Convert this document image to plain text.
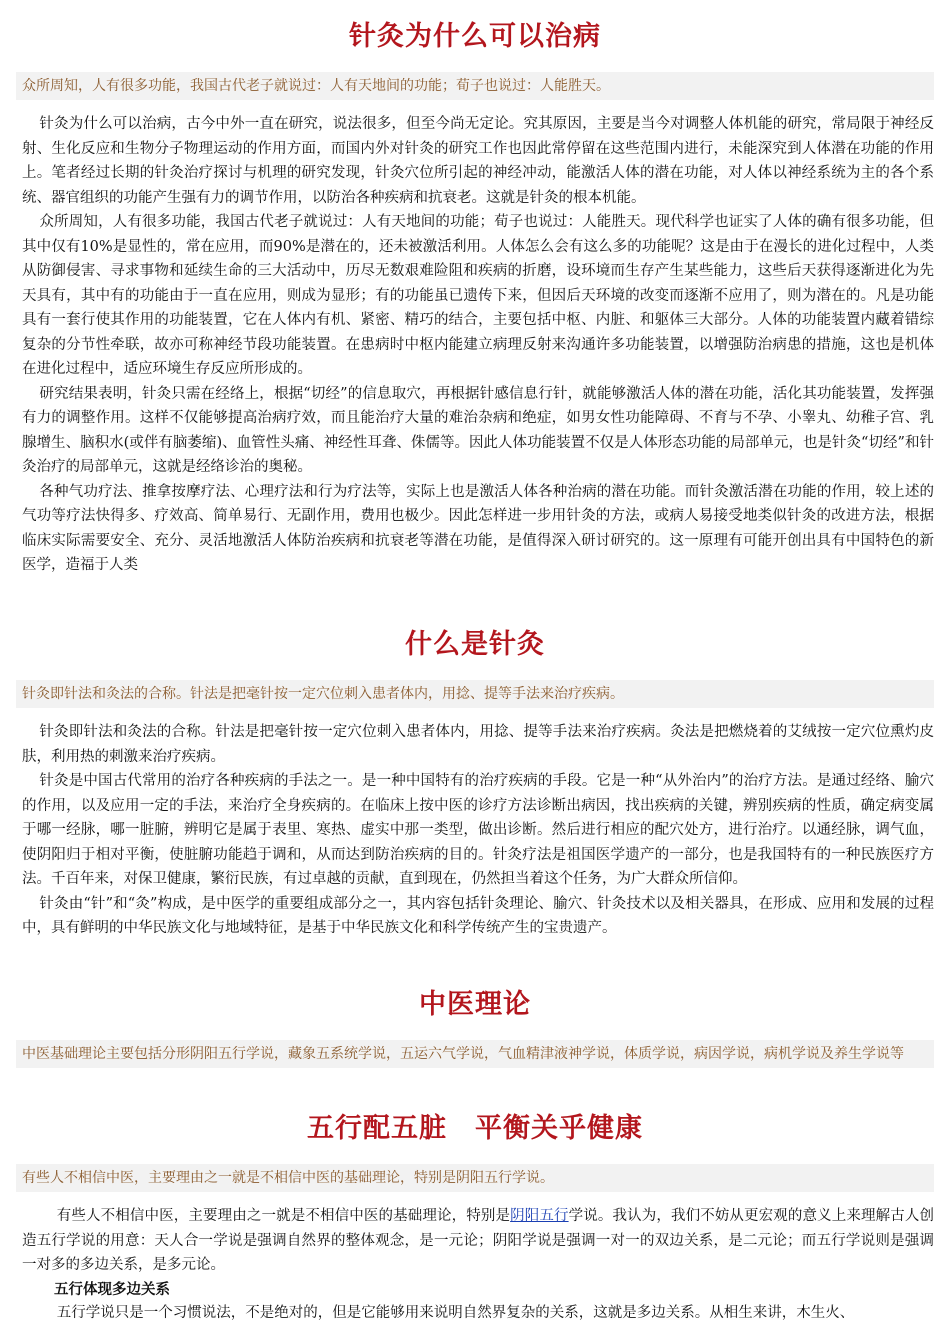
针灸为什么可以治病
众所周知，人有很多功能，我国古代老子就说过：人有天地间的功能；荀子也说过：人能胜天。

针灸为什么可以治病，古今中外一直在研究，说法很多，但至今尚无定论。究其原因，主要是当今对调整人体机能的研究，常局限于神经反射、生化反应和生物分子物理运动的作用方面，而国内外对针灸的研究工作也因此常停留在这些范围内进行，未能深究到人体潜在功能的作用上。笔者经过长期的针灸治疗探讨与机理的研究发现，针灸穴位所引起的神经冲动，能激活人体的潜在功能，对人体以神经系统为主的各个系统、器官组织的功能产生强有力的调节作用，以防治各种疾病和抗衰老。这就是针灸的根本机能。

众所周知，人有很多功能，我国古代老子就说过：人有天地间的功能；荀子也说过：人能胜天。现代科学也证实了人体的确有很多功能，但其中仅有10%是显性的，常在应用，而90%是潜在的，还未被激活利用。人体怎么会有这么多的功能呢？这是由于在漫长的进化过程中，人类从防御侵害、寻求事物和延续生命的三大活动中，历尽无数艰难险阻和疾病的折磨，设环境而生存产生某些能力，这些后天获得逐渐进化为先天具有，其中有的功能由于一直在应用，则成为显形；有的功能虽已遗传下来，但因后天环境的改变而逐渐不应用了，则为潜在的。凡是功能具有一套行使其作用的功能装置，它在人体内有机、紧密、精巧的结合，主要包括中枢、内脏、和躯体三大部分。人体的功能装置内藏着错综复杂的分节性牵联，故亦可称神经节段功能装置。在患病时中枢内能建立病理反射来沟通许多功能装置，以增强防治病患的措施，这也是机体在进化过程中，适应环境生存反应所形成的。

研究结果表明，针灸只需在经络上，根据“切经”的信息取穴，再根据针感信息行针，就能够激活人体的潜在功能，活化其功能装置，发挥强有力的调整作用。这样不仅能够提高治病疗效，而且能治疗大量的难治杂病和绝症，如男女性功能障碍、不育与不孕、小睾丸、幼稚子宫、乳腺增生、脑积水(或伴有脑萎缩)、血管性头痛、神经性耳聋、侏儒等。因此人体功能装置不仅是人体形态功能的局部单元，也是针灸“切经”和针灸治疗的局部单元，这就是经络诊治的奥秘。

各种气功疗法、推拿按摩疗法、心理疗法和行为疗法等，实际上也是激活人体各种治病的潜在功能。而针灸激活潜在功能的作用，较上述的气功等疗法快得多、疗效高、简单易行、无副作用，费用也极少。因此怎样进一步用针灸的方法，或病人易接受地类似针灸的改进方法，根据临床实际需要安全、充分、灵活地激活人体防治疾病和抗衰老等潜在功能，是值得深入研讨研究的。这一原理有可能开创出具有中国特色的新医学，造福于人类

什么是针灸
针灸即针法和灸法的合称。针法是把毫针按一定穴位刺入患者体内，用捻、提等手法来治疗疾病。

针灸即针法和灸法的合称。针法是把毫针按一定穴位刺入患者体内，用捻、提等手法来治疗疾病。灸法是把燃烧着的艾绒按一定穴位熏灼皮肤，利用热的刺激来治疗疾病。

针灸是中国古代常用的治疗各种疾病的手法之一。是一种中国特有的治疗疾病的手段。它是一种“从外治内”的治疗方法。是通过经络、腧穴的作用，以及应用一定的手法，来治疗全身疾病的。在临床上按中医的诊疗方法诊断出病因，找出疾病的关键，辨别疾病的性质，确定病变属于哪一经脉，哪一脏腑，辨明它是属于表里、寒热、虚实中那一类型，做出诊断。然后进行相应的配穴处方，进行治疗。以通经脉，调气血，使阴阳归于相对平衡，使脏腑功能趋于调和，从而达到防治疾病的目的。针灸疗法是祖国医学遗产的一部分，也是我国特有的一种民族医疗方法。千百年来，对保卫健康，繁衍民族，有过卓越的贡献，直到现在，仍然担当着这个任务，为广大群众所信仰。

针灸由“针”和“灸”构成，是中医学的重要组成部分之一，其内容包括针灸理论、腧穴、针灸技术以及相关器具，在形成、应用和发展的过程中，具有鲜明的中华民族文化与地域特征，是基于中华民族文化和科学传统产生的宝贵遗产。

中医理论
中医基础理论主要包括分形阴阳五行学说，藏象五系统学说，五运六气学说，气血精津液神学说，体质学说，病因学说，病机学说及养生学说等
五行配五脏　平衡关乎健康
有些人不相信中医，主要理由之一就是不相信中医的基础理论，特别是阴阳五行学说。

有些人不相信中医，主要理由之一就是不相信中医的基础理论，特别是阴阳五行学说。我认为，我们不妨从更宏观的意义上来理解古人创造五行学说的用意：天人合一学说是强调自然界的整体观念，是一元论；阴阳学说是强调一对一的双边关系，是二元论；而五行学说则是强调一对多的多边关系，是多元论。

五行体现多边关系

五行学说只是一个习惯说法，不是绝对的，但是它能够用来说明自然界复杂的关系，这就是多边关系。从相生来讲，木生火、
